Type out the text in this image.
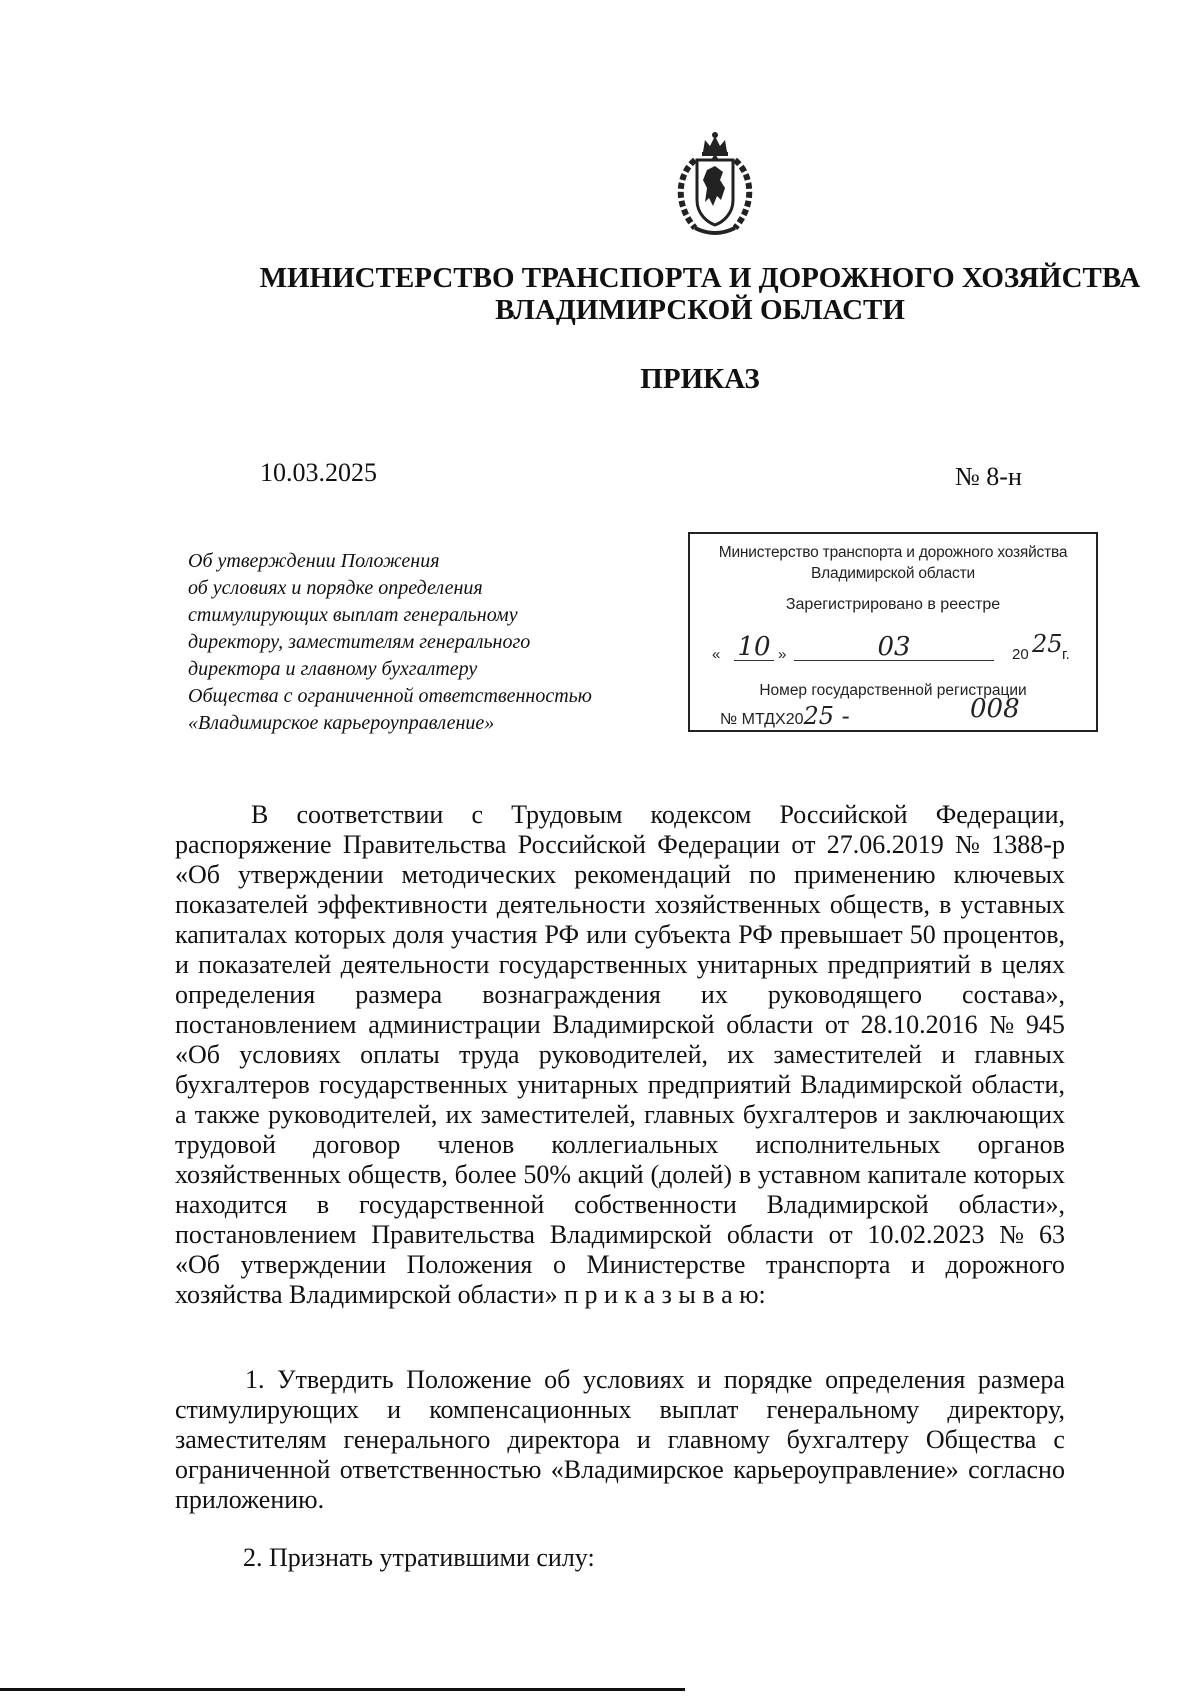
МИНИСТЕРСТВО ТРАНСПОРТА И ДОРОЖНОГО ХОЗЯЙСТВА
ВЛАДИМИРСКОЙ ОБЛАСТИ
ПРИКАЗ
10.03.2025	№ 8-н
Об утверждении Положения
об условиях и порядке определения
стимулирующих выплат генеральному
директору, заместителям генерального
директора и главному бухгалтеру
Общества с ограниченной ответственностью
«Владимирское карьероуправление»
Министерство транспорта и дорожного хозяйства
Владимирской области
Зарегистрировано в реестре
« 10 »	03	20 25 г.
Номер государственной регистрации
№ МТДХ2025 -	008
В соответствии с Трудовым кодексом Российской Федерации,
распоряжение Правительства Российской Федерации от 27.06.2019 № 1388-р
«Об утверждении методических рекомендаций по применению ключевых
показателей эффективности деятельности хозяйственных обществ, в уставных
капиталах которых доля участия РФ или субъекта РФ превышает 50 процентов,
и показателей деятельности государственных унитарных предприятий в целях
определения размера вознаграждения их руководящего состава»,
постановлением администрации Владимирской области от 28.10.2016 № 945
«Об условиях оплаты труда руководителей, их заместителей и главных
бухгалтеров государственных унитарных предприятий Владимирской области,
а также руководителей, их заместителей, главных бухгалтеров и заключающих
трудовой договор членов коллегиальных исполнительных органов
хозяйственных обществ, более 50% акций (долей) в уставном капитале которых
находится в государственной собственности Владимирской области»,
постановлением Правительства Владимирской области от 10.02.2023 № 63
«Об утверждении Положения о Министерстве транспорта и дорожного
хозяйства Владимирской области» п р и к а з ы в а ю:
1. Утвердить Положение об условиях и порядке определения размера
стимулирующих и компенсационных выплат генеральному директору,
заместителям генерального директора и главному бухгалтеру Общества с
ограниченной ответственностью «Владимирское карьероуправление» согласно
приложению.
2. Признать утратившими силу:
